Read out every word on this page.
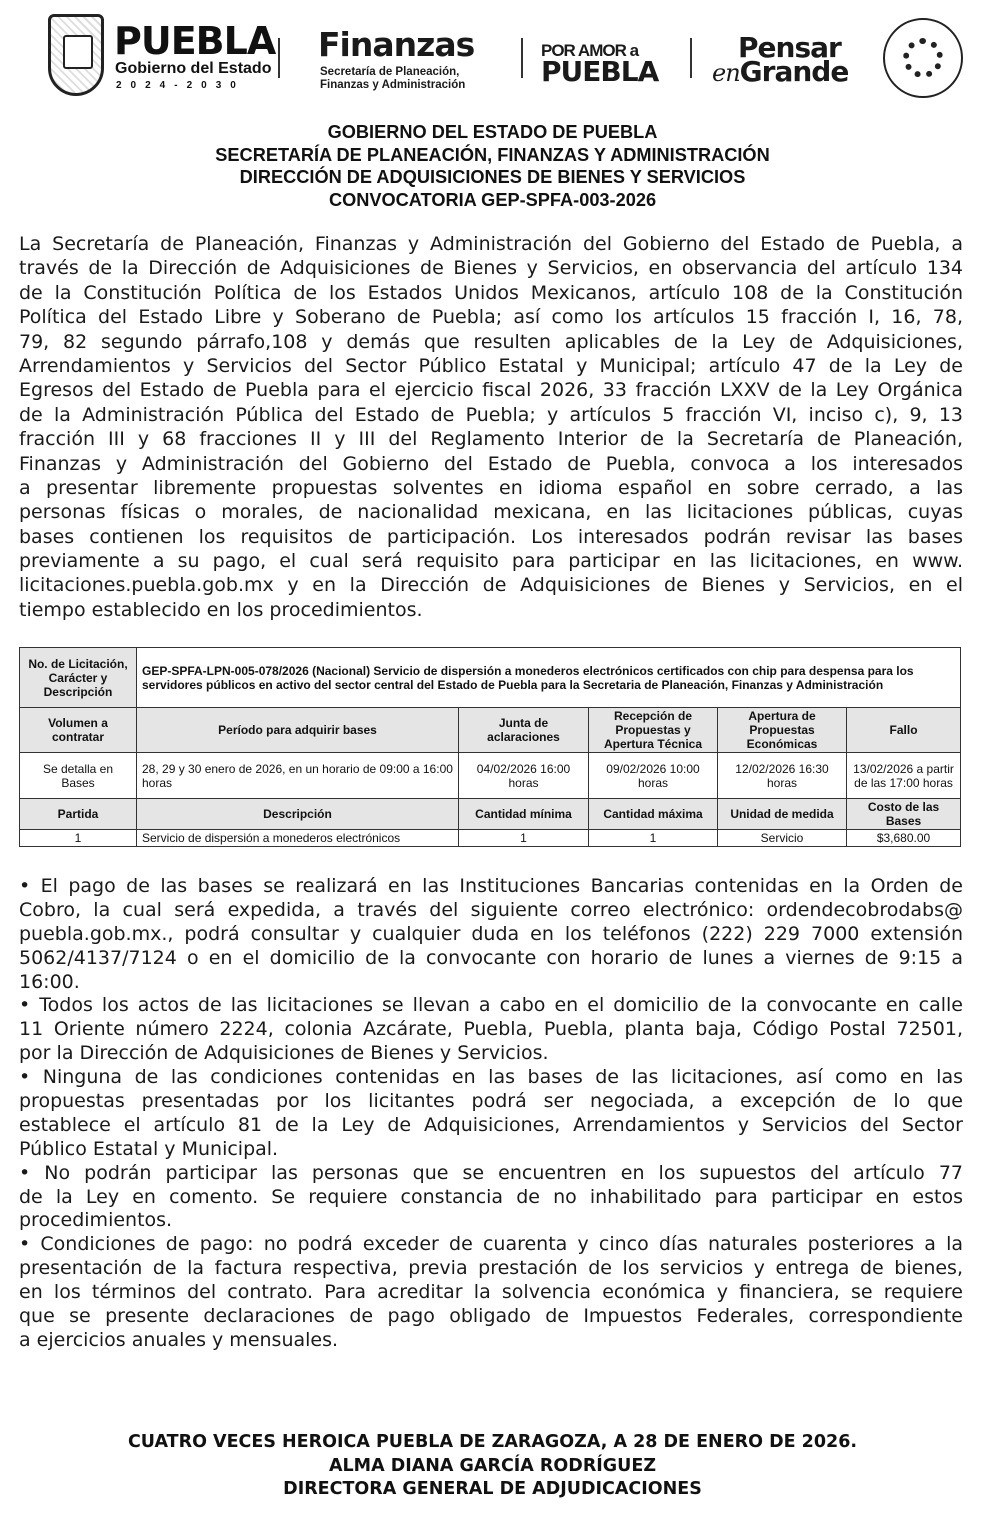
PUEBLA
Gobierno del Estado
2024-2030
Finanzas
Secretaría de Planeación,
Finanzas y Administración
POR AMOR a
PUEBLA
Pensar
enGrande
GOBIERNO DEL ESTADO DE PUEBLA
SECRETARÍA DE PLANEACIÓN, FINANZAS Y ADMINISTRACIÓN
DIRECCIÓN DE ADQUISICIONES DE BIENES Y SERVICIOS
CONVOCATORIA GEP-SPFA-003-2026
La Secretaría de Planeación, Finanzas y Administración del Gobierno del Estado de Puebla, a
través de la Dirección de Adquisiciones de Bienes y Servicios, en observancia del artículo 134
de la Constitución Política de los Estados Unidos Mexicanos, artículo 108 de la Constitución
Política del Estado Libre y Soberano de Puebla; así como los artículos 15 fracción I, 16, 78,
79, 82 segundo párrafo,108 y demás que resulten aplicables de la Ley de Adquisiciones,
Arrendamientos y Servicios del Sector Público Estatal y Municipal; artículo 47 de la Ley de
Egresos del Estado de Puebla para el ejercicio fiscal 2026, 33 fracción LXXV de la Ley Orgánica
de la Administración Pública del Estado de Puebla; y artículos 5 fracción VI, inciso c), 9, 13
fracción III y 68 fracciones II y III del Reglamento Interior de la Secretaría de Planeación,
Finanzas y Administración del Gobierno del Estado de Puebla, convoca a los interesados
a presentar libremente propuestas solventes en idioma español en sobre cerrado, a las
personas físicas o morales, de nacionalidad mexicana, en las licitaciones públicas, cuyas
bases contienen los requisitos de participación. Los interesados podrán revisar las bases
previamente a su pago, el cual será requisito para participar en las licitaciones, en www.
licitaciones.puebla.gob.mx y en la Dirección de Adquisiciones de Bienes y Servicios, en el
tiempo establecido en los procedimientos.
No. de Licitación, Carácter y Descripción	GEP-SPFA-LPN-005-078/2026 (Nacional) Servicio de dispersión a monederos electrónicos certificados con chip para despensa para los servidores públicos en activo del sector central del Estado de Puebla para la Secretaria de Planeación, Finanzas y Administración				
Volumen a contratar	Período para adquirir bases	Junta de aclaraciones	Recepción de Propuestas y Apertura Técnica	Apertura de Propuestas Económicas	Fallo
Se detalla en Bases	28, 29 y 30 enero de 2026, en un horario de 09:00 a 16:00 horas	04/02/2026 16:00 horas	09/02/2026 10:00 horas	12/02/2026 16:30 horas	13/02/2026 a partir de las 17:00 horas
Partida	Descripción	Cantidad mínima	Cantidad máxima	Unidad de medida	Costo de las Bases
1	Servicio de dispersión a monederos electrónicos	1	1	Servicio	$3,680.00
• El pago de las bases se realizará en las Instituciones Bancarias contenidas en la Orden de
Cobro, la cual será expedida, a través del siguiente correo electrónico: ordendecobrodabs@
puebla.gob.mx., podrá consultar y cualquier duda en los teléfonos (222) 229 7000 extensión
5062/4137/7124 o en el domicilio de la convocante con horario de lunes a viernes de 9:15 a
16:00.
• Todos los actos de las licitaciones se llevan a cabo en el domicilio de la convocante en calle
11 Oriente número 2224, colonia Azcárate, Puebla, Puebla, planta baja, Código Postal 72501,
por la Dirección de Adquisiciones de Bienes y Servicios.
• Ninguna de las condiciones contenidas en las bases de las licitaciones, así como en las
propuestas presentadas por los licitantes podrá ser negociada, a excepción de lo que
establece el artículo 81 de la Ley de Adquisiciones, Arrendamientos y Servicios del Sector
Público Estatal y Municipal.
• No podrán participar las personas que se encuentren en los supuestos del artículo 77
de la Ley en comento. Se requiere constancia de no inhabilitado para participar en estos
procedimientos.
• Condiciones de pago: no podrá exceder de cuarenta y cinco días naturales posteriores a la
presentación de la factura respectiva, previa prestación de los servicios y entrega de bienes,
en los términos del contrato. Para acreditar la solvencia económica y financiera, se requiere
que se presente declaraciones de pago obligado de Impuestos Federales, correspondiente
a ejercicios anuales y mensuales.
CUATRO VECES HEROICA PUEBLA DE ZARAGOZA, A 28 DE ENERO DE 2026.
ALMA DIANA GARCÍA RODRÍGUEZ
DIRECTORA GENERAL DE ADJUDICACIONES
